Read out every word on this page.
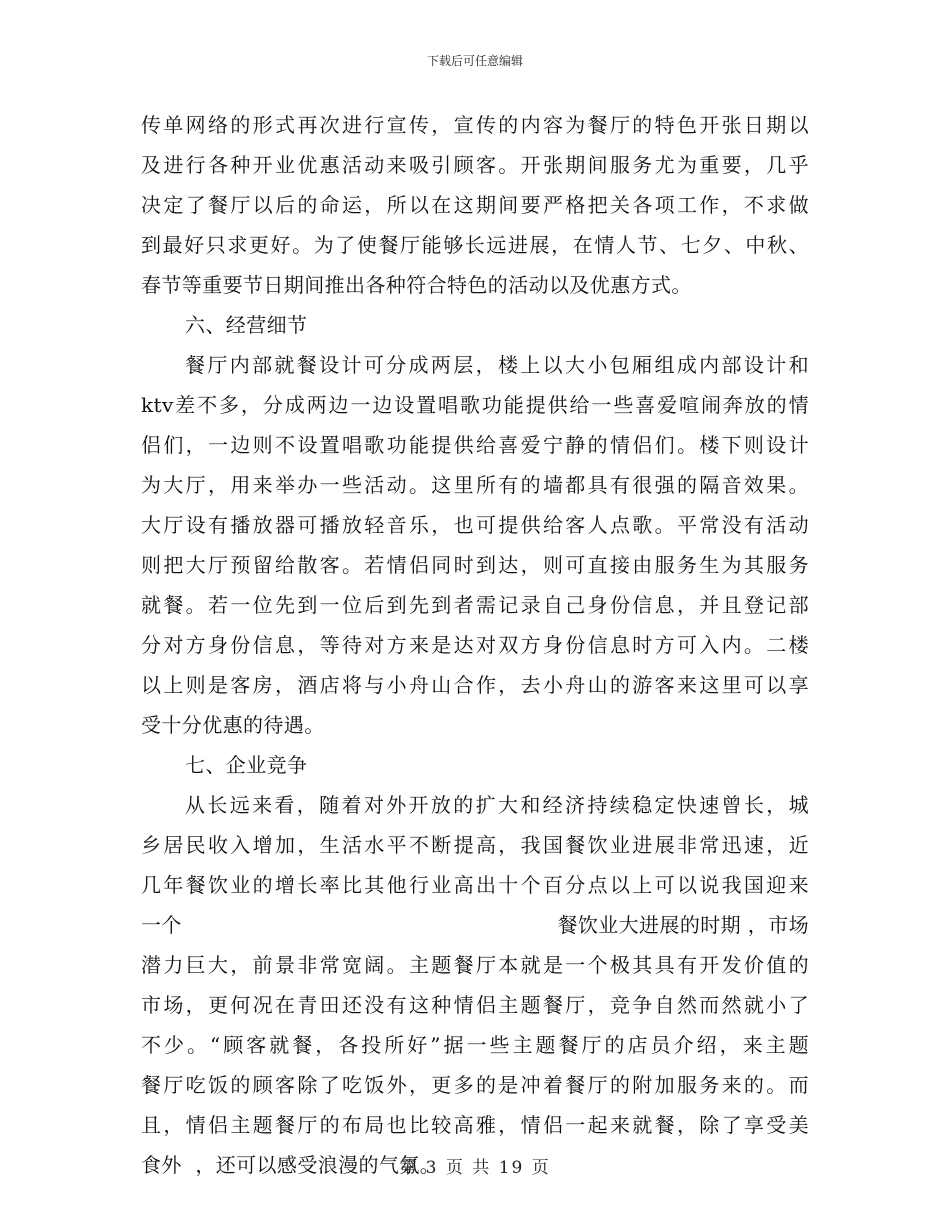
下载后可任意编辑
传单网络的形式再次进行宣传，宣传的内容为餐厅的特色开张日期以
及进行各种开业优惠活动来吸引顾客。开张期间服务尤为重要，几乎
决定了餐厅以后的命运，所以在这期间要严格把关各项工作，不求做
到最好只求更好。为了使餐厅能够长远进展，在情人节、七夕、中秋、
春节等重要节日期间推出各种符合特色的活动以及优惠方式。
六、经营细节
餐厅内部就餐设计可分成两层，楼上以大小包厢组成内部设计和
ktv差不多，分成两边一边设置唱歌功能提供给一些喜爱喧闹奔放的情
侣们，一边则不设置唱歌功能提供给喜爱宁静的情侣们。楼下则设计
为大厅，用来举办一些活动。这里所有的墙都具有很强的隔音效果。
大厅设有播放器可播放轻音乐，也可提供给客人点歌。平常没有活动
则把大厅预留给散客。若情侣同时到达，则可直接由服务生为其服务
就餐。若一位先到一位后到先到者需记录自己身份信息，并且登记部
分对方身份信息，等待对方来是达对双方身份信息时方可入内。二楼
以上则是客房，酒店将与小舟山合作，去小舟山的游客来这里可以享
受十分优惠的待遇。
七、企业竞争
从长远来看，随着对外开放的扩大和经济持续稳定快速曾长，城
乡居民收入增加，生活水平不断提高，我国餐饮业进展非常迅速，近
几年餐饮业的增长率比其他行业高出十个百分点以上可以说我国迎来
一个	餐饮业大进展的时期 ，市场
潜力巨大，前景非常宽阔。主题餐厅本就是一个极其具有开发价值的
市场，更何况在青田还没有这种情侣主题餐厅，竞争自然而然就小了
不少。“顾客就餐，各投所好”据一些主题餐厅的店员介绍，来主题
餐厅吃饭的顾客除了吃饭外，更多的是冲着餐厅的附加服务来的。而
且，情侣主题餐厅的布局也比较高雅，情侣一起来就餐，除了享受美
食外  ，还可以感受浪漫的气氛。
第 3 页 共 19 页
